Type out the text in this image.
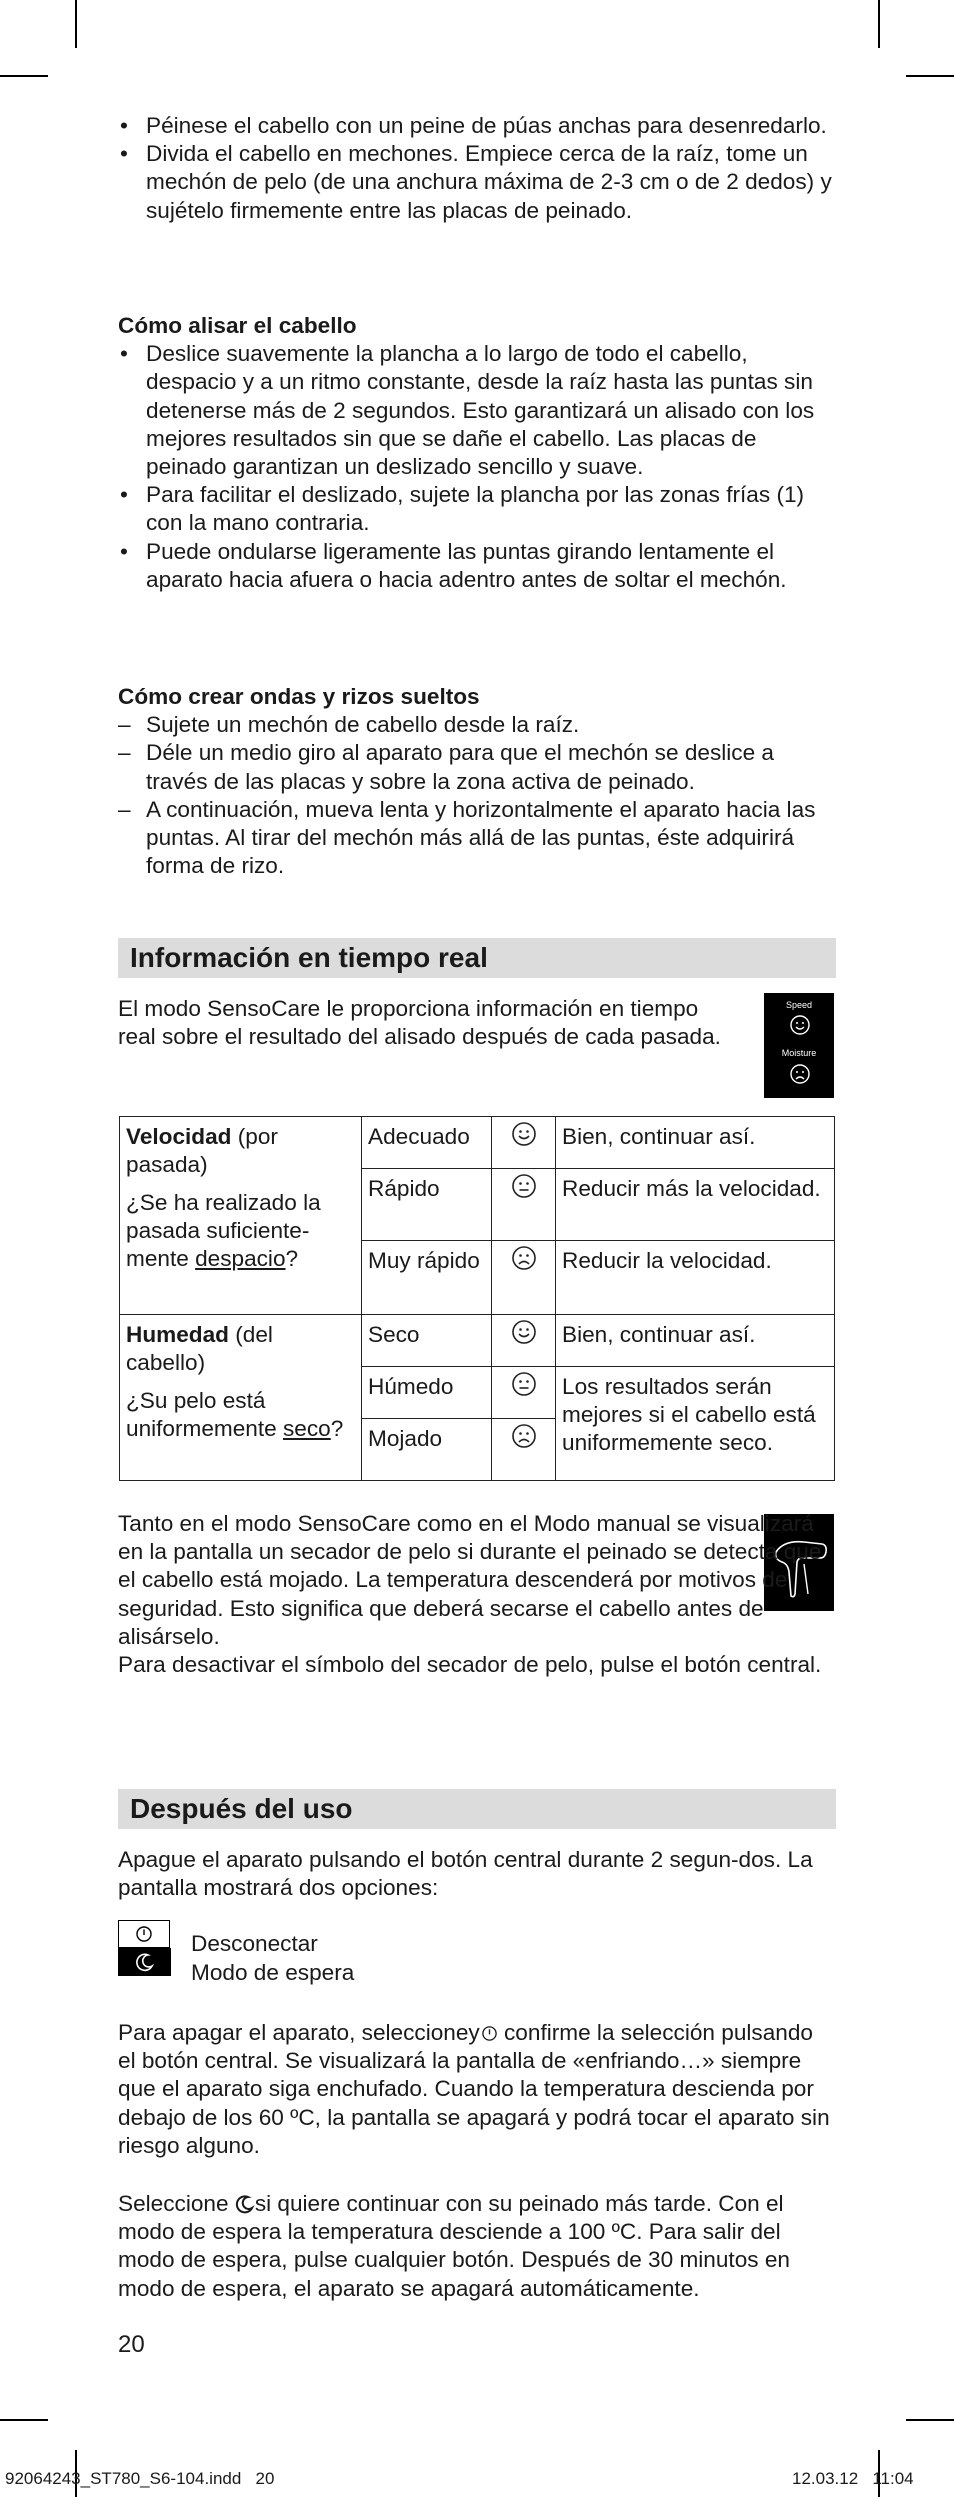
• Péinese el cabello con un peine de púas anchas para desenredarlo.
• Divida el cabello en mechones. Empiece cerca de la raíz, tome un mechón de pelo (de una anchura máxima de 2-3 cm o de 2 dedos) y sujételo firmemente entre las placas de peinado.

Cómo alisar el cabello

• Deslice suavemente la plancha a lo largo de todo el cabello, despacio y a un ritmo constante, desde la raíz hasta las puntas sin detenerse más de 2 segundos. Esto garantizará un alisado con los mejores resultados sin que se dañe el cabello. Las placas de peinado garantizan un deslizado sencillo y suave.
• Para facilitar el deslizado, sujete la plancha por las zonas frías (1) con la mano contraria.
• Puede ondularse ligeramente las puntas girando lentamente el aparato hacia afuera o hacia adentro antes de soltar el mechón.

Cómo crear ondas y rizos sueltos

– Sujete un mechón de cabello desde la raíz.
– Déle un medio giro al aparato para que el mechón se deslice a través de las placas y sobre la zona activa de peinado.
– A continuación, mueva lenta y horizontalmente el aparato hacia las puntas. Al tirar del mechón más allá de las puntas, éste adquirirá forma de rizo.
Información en tiempo real

El modo SensoCare le proporciona información en tiempo real sobre el resultado del alisado después de cada pasada.

Speed
Moisture
Velocidad (por pasada)
¿Se ha realizado la pasada suficiente-mente despacio?	Adecuado		Bien, continuar así.
	Rápido		Reducir más la velocidad.
	Muy rápido		Reducir la velocidad.

Humedad (del cabello)
¿Su pelo está uniformemente seco?	Seco		Bien, continuar así.
	Húmedo		Los resultados serán mejores si el cabello está uniformemente seco.
	Mojado	

Tanto en el modo SensoCare como en el Modo manual se visualizará en la pantalla un secador de pelo si durante el peinado se detecta que el cabello está mojado. La temperatura descenderá por motivos de seguridad. Esto significa que deberá secarse el cabello antes de alisárselo.

Para desactivar el símbolo del secador de pelo, pulse el botón central.

Después del uso

Apague el aparato pulsando el botón central durante 2 segun-dos. La pantalla mostrará dos opciones:

Desconectar
Modo de espera

Para apagar el aparato, seleccioney confirme la selección pulsando el botón central. Se visualizará la pantalla de «enfriando…» siempre que el aparato siga enchufado. Cuando la temperatura descienda por debajo de los 60 ºC, la pantalla se apagará y podrá tocar el aparato sin riesgo alguno.

Seleccione si quiere continuar con su peinado más tarde. Con el modo de espera la temperatura desciende a 100 ºC. Para salir del modo de espera, pulse cualquier botón. Después de 30 minutos en modo de espera, el aparato se apagará automáticamente.

20
92064243_ST780_S6-104.indd   20	12.03.12   11:04
